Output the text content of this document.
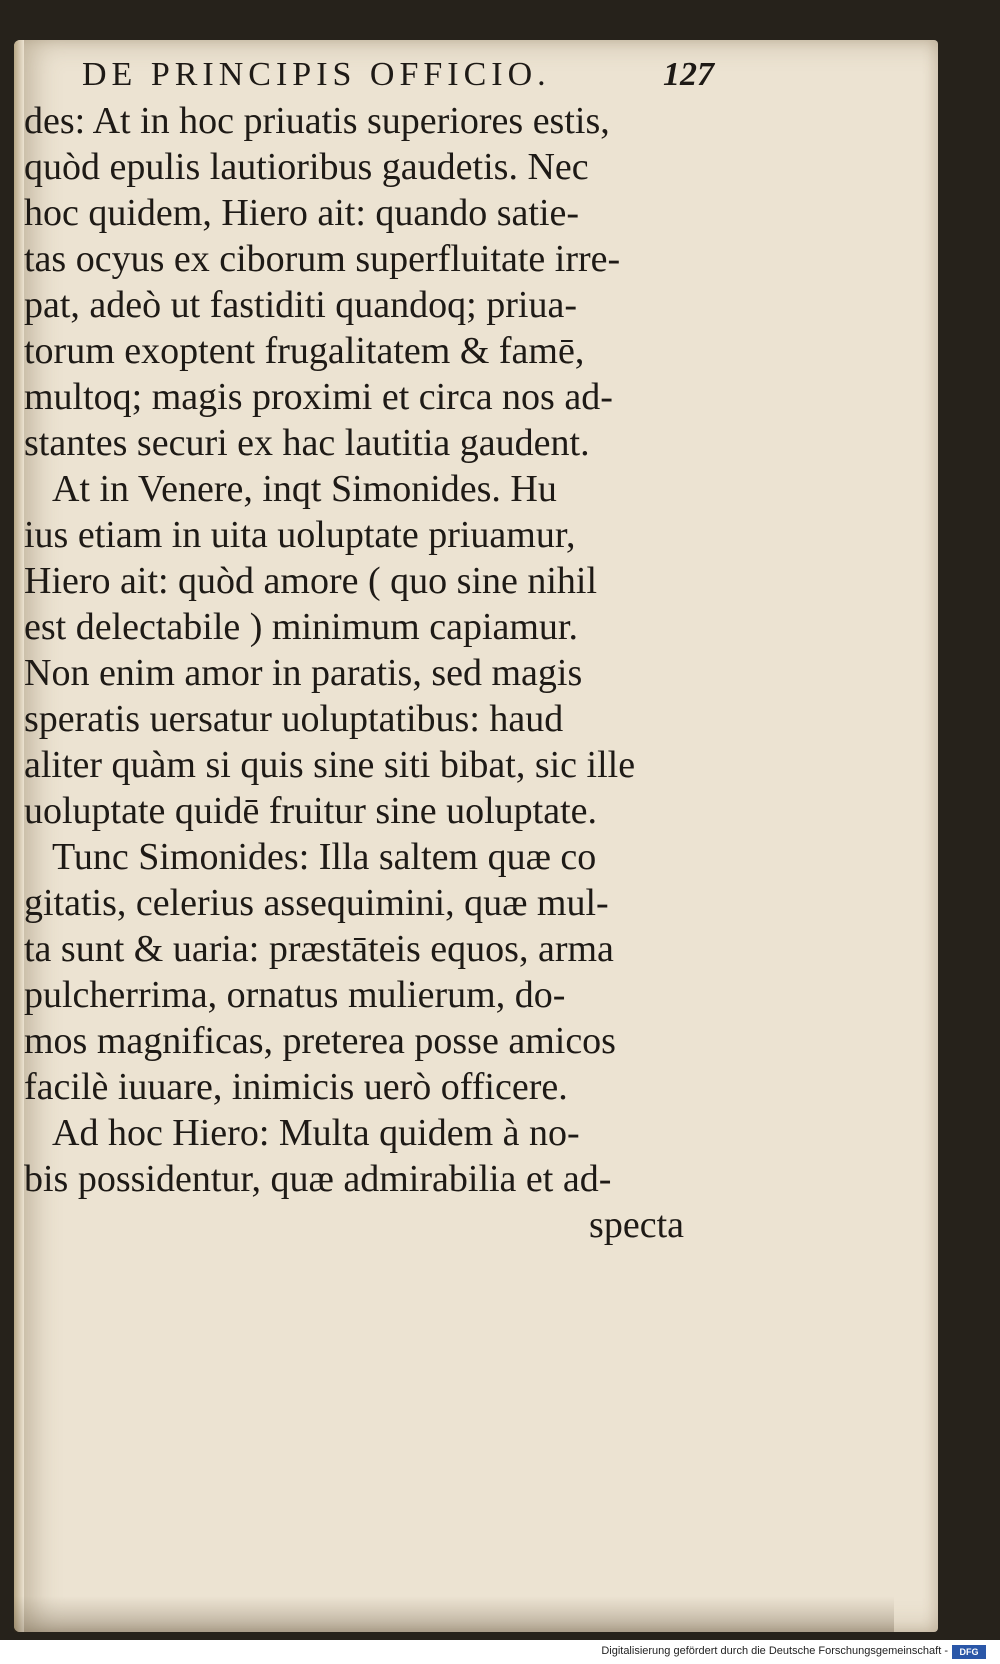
DE PRINCIPIS OFFICIO.	127
des: At in hoc priuatis superiores estis,
quòd epulis lautioribus gaudetis. Nec
hoc quidem, Hiero ait: quando satie-
tas ocyus ex ciborum superfluitate irre-
pat, adeò ut fastiditi quandoq; priua-
torum exoptent frugalitatem & famē,
multoq; magis proximi et circa nos ad-
stantes securi ex hac lautitia gaudent.
At in Venere, inqt Simonides. Hu
ius etiam in uita uoluptate priuamur,
Hiero ait: quòd amore ( quo sine nihil
est delectabile ) minimum capiamur.
Non enim amor in paratis, sed magis
speratis uersatur uoluptatibus: haud
aliter quàm si quis sine siti bibat, sic ille
uoluptate quidē fruitur sine uoluptate.
Tunc Simonides: Illa saltem quæ co
gitatis, celerius assequimini, quæ mul-
ta sunt & uaria: præstāteis equos, arma
pulcherrima, ornatus mulierum, do-
mos magnificas, preterea posse amicos
facilè iuuare, inimicis uerò officere.
Ad hoc Hiero: Multa quidem à no-
bis possidentur, quæ admirabilia et ad-
specta
Digitalisierung gefördert durch die Deutsche Forschungsgemeinschaft -	DFG
